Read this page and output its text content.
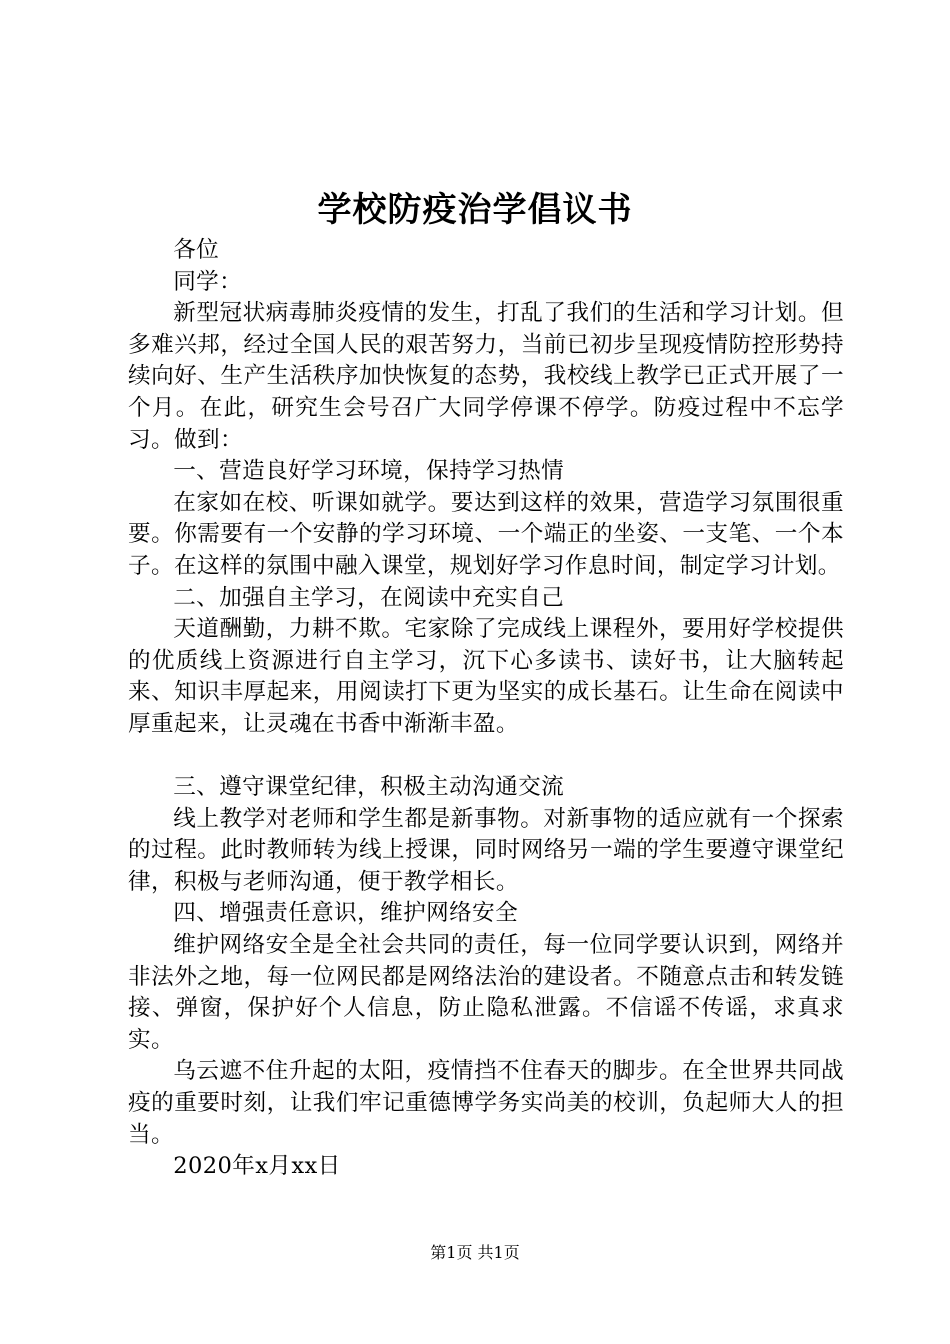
学校防疫治学倡议书

各位

同学：

新型冠状病毒肺炎疫情的发生，打乱了我们的生活和学习计划。但多难兴邦，经过全国人民的艰苦努力，当前已初步呈现疫情防控形势持续向好、生产生活秩序加快恢复的态势，我校线上教学已正式开展了一个月。在此，研究生会号召广大同学停课不停学。防疫过程中不忘学习。做到：

一、营造良好学习环境，保持学习热情

在家如在校、听课如就学。要达到这样的效果，营造学习氛围很重要。你需要有一个安静的学习环境、一个端正的坐姿、一支笔、一个本子。在这样的氛围中融入课堂，规划好学习作息时间，制定学习计划。

二、加强自主学习，在阅读中充实自己

天道酬勤，力耕不欺。宅家除了完成线上课程外，要用好学校提供的优质线上资源进行自主学习，沉下心多读书、读好书，让大脑转起来、知识丰厚起来，用阅读打下更为坚实的成长基石。让生命在阅读中厚重起来，让灵魂在书香中渐渐丰盈。

三、遵守课堂纪律，积极主动沟通交流

线上教学对老师和学生都是新事物。对新事物的适应就有一个探索的过程。此时教师转为线上授课，同时网络另一端的学生要遵守课堂纪律，积极与老师沟通，便于教学相长。

四、增强责任意识，维护网络安全

维护网络安全是全社会共同的责任，每一位同学要认识到，网络并非法外之地，每一位网民都是网络法治的建设者。不随意点击和转发链接、弹窗，保护好个人信息，防止隐私泄露。不信谣不传谣，求真求实。

乌云遮不住升起的太阳，疫情挡不住春天的脚步。在全世界共同战疫的重要时刻，让我们牢记重德博学务实尚美的校训，负起师大人的担当。

2020年x月xx日

第1页 共1页
